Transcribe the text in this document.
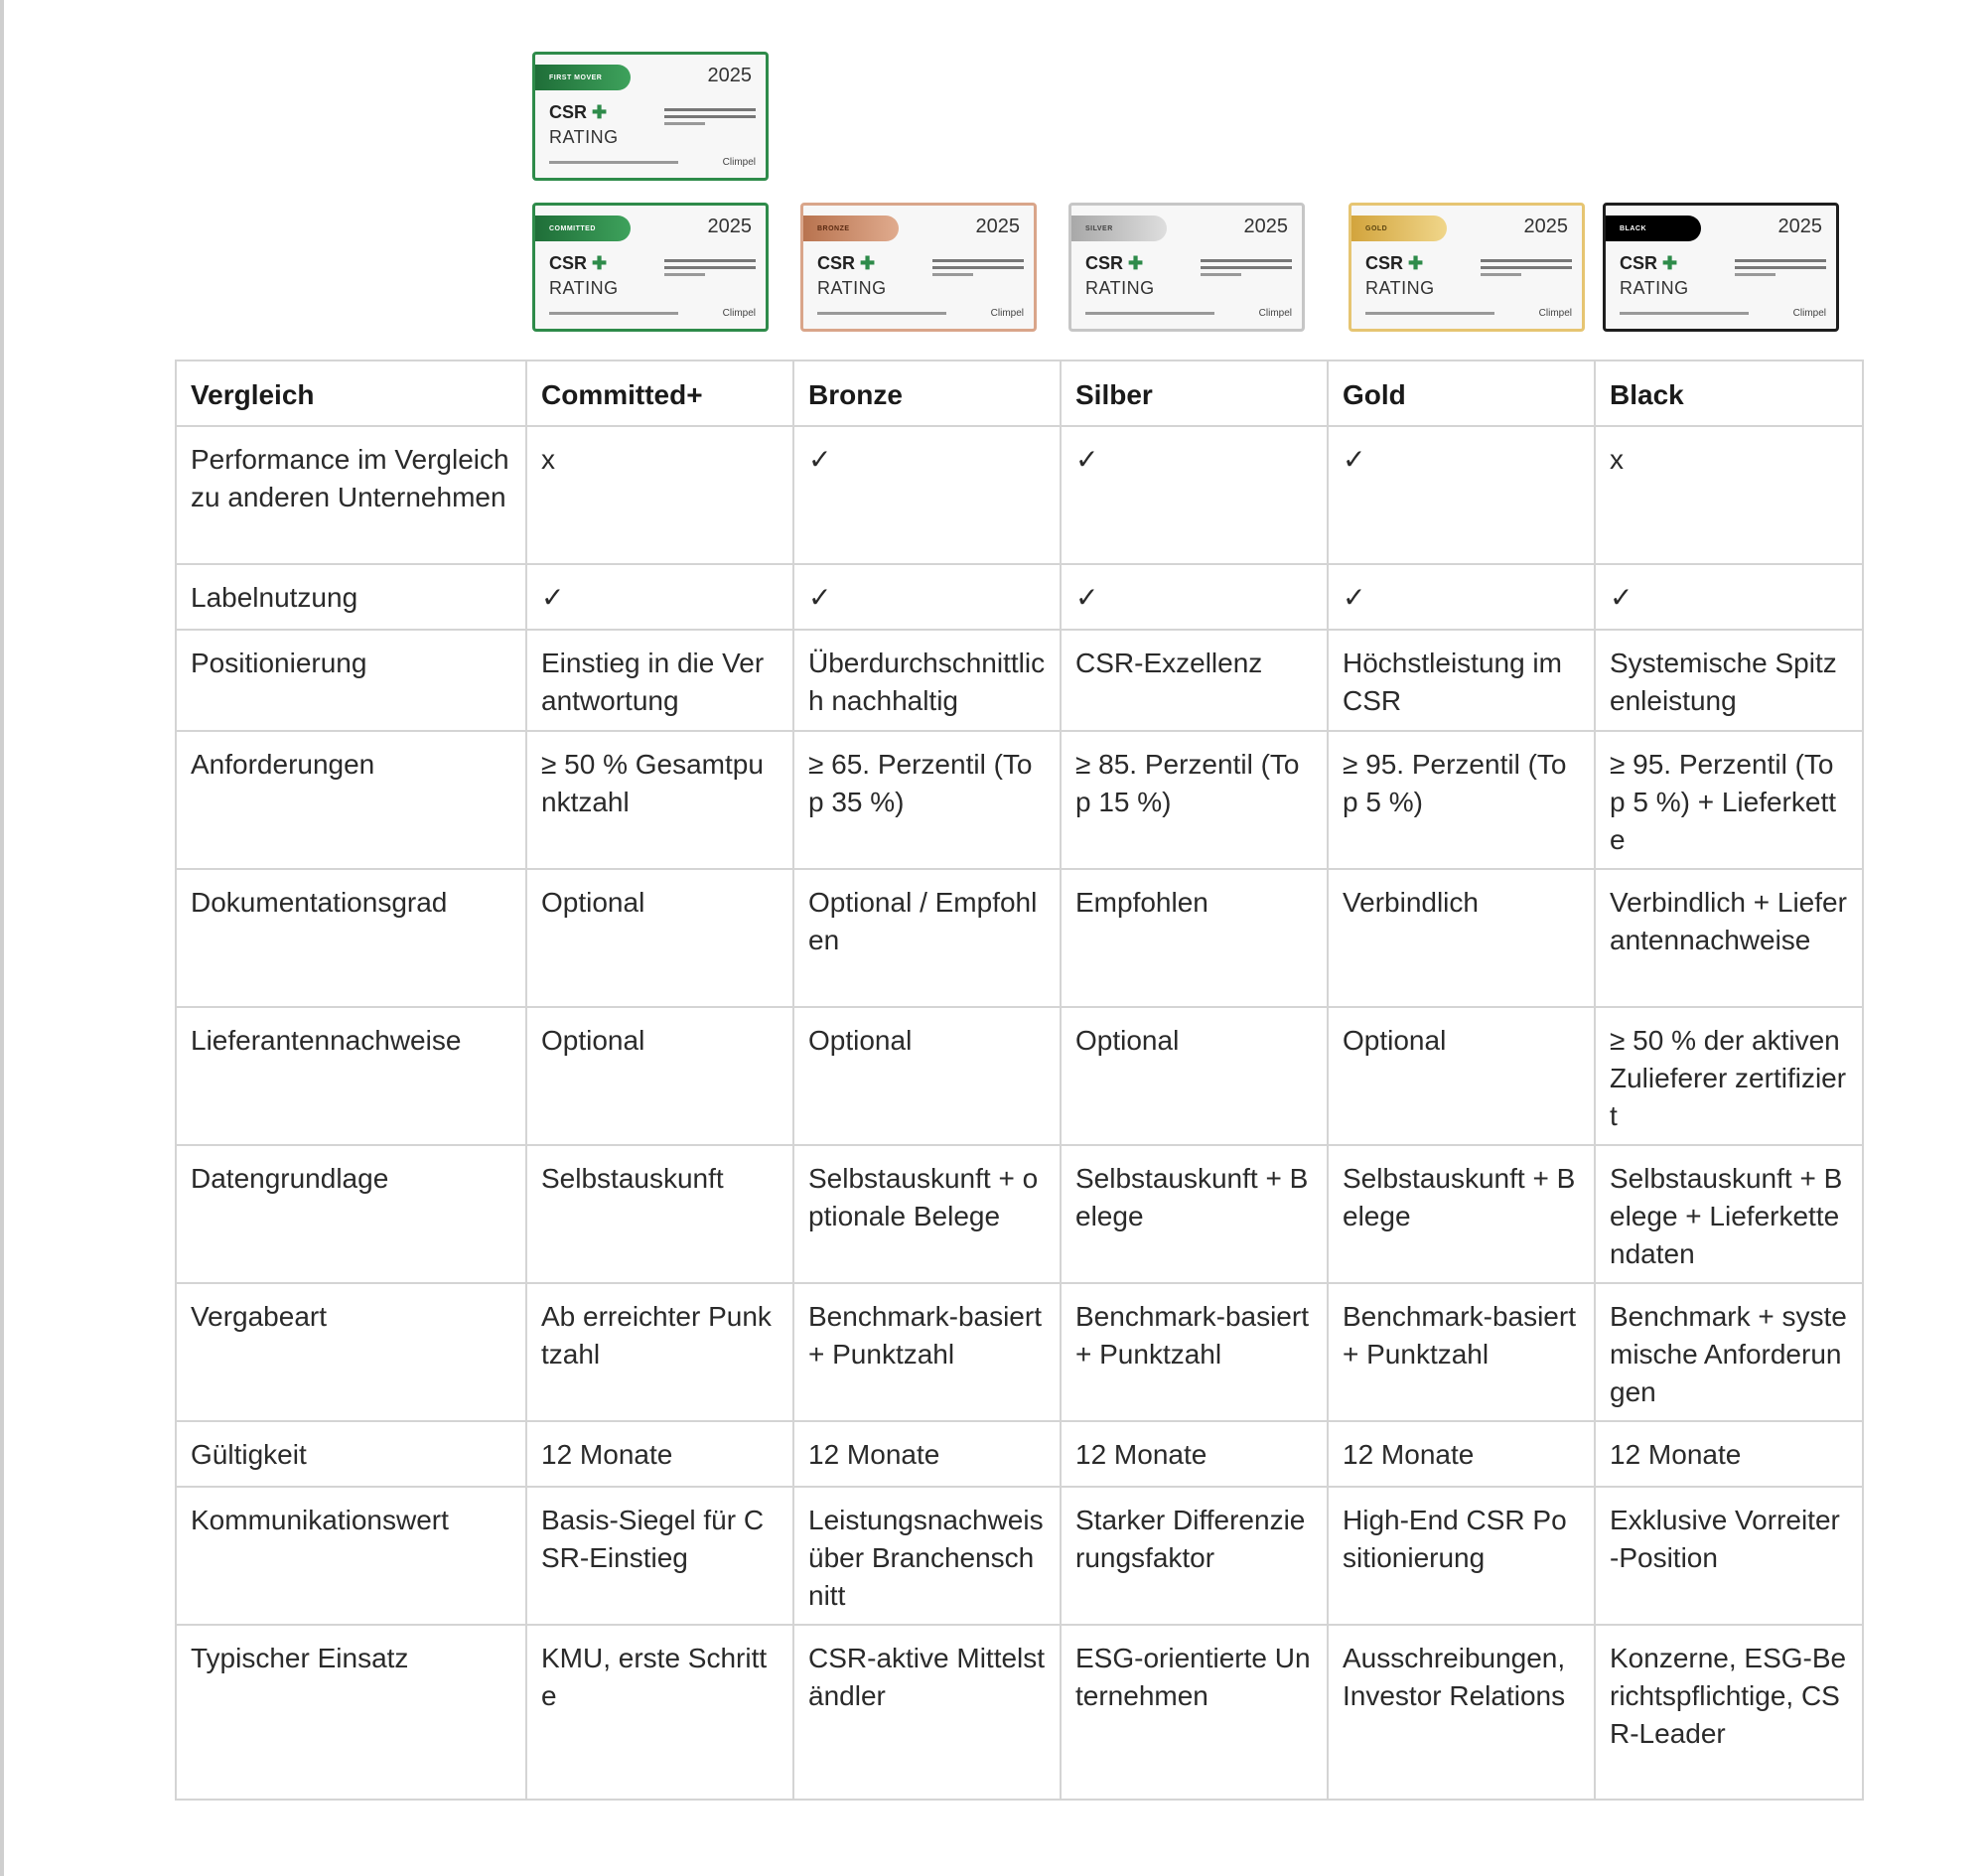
FIRST MOVER	2025
CSR ✚
RATING
Climpel
COMMITTED	2025
CSR ✚
RATING
Climpel
BRONZE	2025
CSR ✚
RATING
Climpel
SILVER	2025
CSR ✚
RATING
Climpel
GOLD	2025
CSR ✚
RATING
Climpel
BLACK	2025
CSR ✚
RATING
Climpel
Vergleich	Committed+	Bronze	Silber	Gold	Black
Performance im Vergleich zu anderen Unternehmen	x	✓	✓	✓	x
Labelnutzung	✓	✓	✓	✓	✓
Positionierung	Einstieg in die Verantwortung	Überdurchschnittlich nachhaltig	CSR-Exzellenz	Höchstleistung im CSR	Systemische Spitzenleistung
Anforderungen	≥ 50 % Gesamtpunktzahl	≥ 65. Perzentil (Top 35 %)	≥ 85. Perzentil (Top 15 %)	≥ 95. Perzentil (Top 5 %)	≥ 95. Perzentil (Top 5 %) + Lieferkette
Dokumentationsgrad	Optional	Optional / Empfohlen	Empfohlen	Verbindlich	Verbindlich + Lieferantennachweise
Lieferantennachweise	Optional	Optional	Optional	Optional	≥ 50 % der aktiven Zulieferer zertifiziert
Datengrundlage	Selbstauskunft	Selbstauskunft + optionale Belege	Selbstauskunft + Belege	Selbstauskunft + Belege	Selbstauskunft + Belege + Lieferkettendaten
Vergabeart	Ab erreichter Punktzahl	Benchmark-basiert + Punktzahl	Benchmark-basiert + Punktzahl	Benchmark-basiert + Punktzahl	Benchmark + systemische Anforderungen
Gültigkeit	12 Monate	12 Monate	12 Monate	12 Monate	12 Monate
Kommunikationswert	Basis-Siegel für CSR-Einstieg	Leistungsnachweis über Branchenschnitt	Starker Differenzierungsfaktor	High-End CSR Positionierung	Exklusive Vorreiter-Position
Typischer Einsatz	KMU, erste Schritte	CSR-aktive Mittelständler	ESG-orientierte Unternehmen	Ausschreibungen, Investor Relations	Konzerne, ESG-Berichtspflichtige, CSR-Leader
